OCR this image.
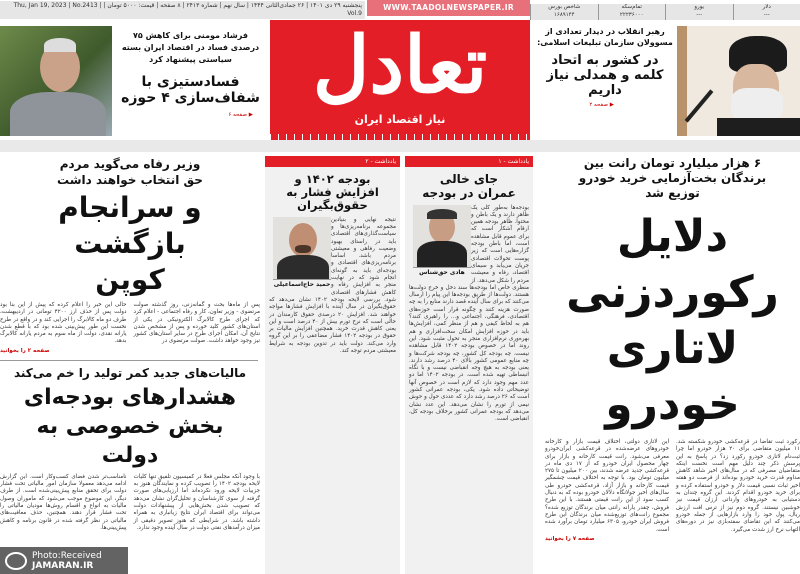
پنجشنبه ۲۹ دی ۱۴۰۱ | ۲۶ جمادی‌الثانی ۱۴۴۴ | سال نهم | شماره ۲۴۱۳ | ۸ صفحه | قیمت: ۵۰۰۰ تومان | Thu, Jan 19, 2023 | No.2413 | Vol.9
WWW.TAADOLNEWSPAPER.IR	دلار
---
یورو
---
تمام‌سکه
۲۲۲۳۶۰۰۰
شاخص بورس
۱۶۸۹۱۴۴
تعادل
نیاز اقتصاد ایران
فرشاد مومنی برای کاهش ۷۵ درصدی فساد در اقتصاد ایران بسته سیاستی پیشنهاد کرد
فسادستیزی با شفاف‌سازی ۴ حوزه
▶ صفحه ۶
رهبر انقلاب در دیدار تعدادی از مسوولان سازمان تبلیغات اسلامی:
در کشور به اتحاد کلمه و همدلی نیاز داریم
▶ صفحه ۲
۶ هزار میلیارد تومان رانت بین برندگان بخت‌آزمایی خرید خودرو توزیع شد
دلایل رکوردزنی لاتاری خودرو
رکورد ثبت تقاضا در قرعه‌کشی خودرو شکسته شد. ۱۱ میلیون متقاضی برای ۲۰ هزار خودرو اما چرا ثبت‌نام لاتاری خودرو رکورد زد؟ در پاسخ به این پرسش ذکر چند دلیل مهم است نخست اینکه متقاضیان مصرفی که در سال‌های اخیر شاهد کاهش مداوم قدرت خرید خودرو بوده‌اند از فرصت دو هفته اخیر ثبات نسبی قیمت دلار و خودرو استفاده کرده و برای خرید خودرو اقدام کردند. این گروه چندان به دستیابی به خودروهای وارداتی ارزان قیمت نیز خوشبین نیستند. گروه دوم نیز از ترس افت ارزش ریال، پول خود را وارد بازارهایی از جمله خودرو می‌کنند که این تقاضای سفته‌بازی نیز در دوره‌های التهاب نرخ ارز شدت می‌گیرد.
این لاتاری دولتی، اختلاف قیمت بازار و کارخانه خودروهای عرضه‌شده در قرعه‌کشی ایران‌خودرو معرفی می‌شود. رانت قیمت کارخانه و بازار برای چهار محصول ایران خودرو که از ۱۷ دی ماه در قرعه‌کشی جدید عرضه شدند، بین ۲۰۰ میلیون تا ۲۷۵ میلیون تومان بود. با توجه به اختلاف قیمت چشمگیر قیمت کارخانه و بازار آزاد، قرعه‌کشی خودرو طی سال‌های اخیر جولانگاه دلالان خودرو بوده که به دنبال کسب سود از این رانت قیمتی هستند. با این طرح فروش، چقدر یارانه رانتی میان برندگان توزیع شده؟ مجموع رانت‌های توزیع‌شده میان برندگان این طرح فروش ایران خودرو، ۶۳۰۵ میلیارد تومان برآورد شده است.
صفحه ۷ را بخوانید
یادداشت - ۱
جای خالی عمران در بودجه
هادی حق‌شناس
بودجه‌ها به‌طور کلی یک ظاهر دارند و یک باطن و محتوا. ظاهر بودجه همین ارقام آشکار است که برای عموم قابل مشاهده است، اما باطن بودجه گزاره‌هایی است که زیر پوست تحولات اقتصادی جریان می‌یابد و سیمای اقتصاد، رفاه و معیشت مردم را شکل می‌دهد. از منظری خاص اما بودجه‌ها سند دخل و خرج دولت‌ها هستند. دولت‌ها از طریق بودجه‌ها این پیام را ارسال می‌کنند که برای سال آینده قصد دارند منابع را به چه صورت هزینه کنند و چگونه قرار است حوزه‌های اقتصادی، فرهنگی، اجتماعی و... را راهبری کنند؟ هم به لحاظ کیفی و هم از منظر کمی، افزایش‌ها باید در حوزه افزایش امکان سخت‌افزاری و هم بهره‌وری نرم‌افزاری منجر به تحول مثبت شود. این روند اما در خصوص بودجه ۱۴۰۲ قابل مشاهده نیست. چه بودجه کل کشور، چه بودجه شرکت‌ها و چه منابع عمومی کشور بالای ۴۰ درصد رشد دارند. یعنی بودجه به هیچ وجه انقباضی نیست و با نگاه انبساطی تهیه شده است. در بودجه ۱۴۰۲ اما دو عدد مهم وجود دارد که لازم است در خصوص آنها توضیحاتی داده شود. یکی، بودجه عمرانی کشور است که ۲۶ درصد رشد دارد که عددی حول و حوش نیمی از تورم را نشان می‌دهد. این عدد نشان می‌دهد که بودجه عمرانی کشور برخلاف بودجه کل، انقباضی است.
یادداشت - ۲
بودجه ۱۴۰۲ و افزایش فشار به حقوق‌بگیران
حمید حاج‌اسماعیلی
نتیجه نهایی و بنیادین مجموعه برنامه‌ریزی‌ها و سیاست‌گذاری‌های اقتصادی باید در راستای بهبود وضعیت رفاهی و معیشتی مردم باشد. اساسا برنامه‌ریزی‌های اقتصادی و بودجه‌ای باید به گونه‌ای انجام شود که در نهایت منجر به افزایش رفاه و کاهش فشارهای اقتصادی شود. بررسی لایحه بودجه ۱۴۰۲ نشان می‌دهد که حقوق‌بگیران در سال آینده با افزایش فشارها مواجه خواهند شد. افزایش ۲۰ درصدی حقوق کارمندان در حالی است که نرخ تورم بیش از ۴۰ درصد است و این یعنی کاهش قدرت خرید. همچنین افزایش مالیات بر حقوق در بودجه ۱۴۰۲ فشار مضاعفی را بر این گروه وارد می‌کند. دولت باید در تدوین بودجه به شرایط معیشتی مردم توجه کند.
وزیر رفاه می‌گوید مردم حق انتخاب خواهند داشت
و سرانجام بازگشت کوپن
پس از ماه‌ها بحث و گمانه‌زنی، روز گذشته صولت مرتضوی - وزیر تعاون، کار و رفاه اجتماعی - اعلام کرد که اجرای طرح کالابرگ الکترونیکی در یکی از استان‌های کشور کلید خورده و پس از مشخص شدن نتایج آن، امکان اجرای طرح در سایر استان‌های کشور نیز وجود خواهد داشت. صولت مرتضوی در
حالی این خبر را اعلام کرده که پیش از این بنا بود دولت پس از حذف ارز ۴۲۰۰ تومانی در اردیبهشت، طرف دو ماه کالابرگ را اجرایی کند و در واقع در طرح نخست این طور پیش‌بینی شده بود که با قطع شدن یارانه نقدی، دولت از ماه سوم به مردم یارانه کالابرگ بدهد.
صفحه ۲ را بخوانید
مالیات‌های جدید کمر تولید را خم می‌کند
هشدارهای بودجه‌ای بخش خصوصی به دولت
با وجود آنکه مجلس فعلا در کمیسیون تلفیق تنها کلیات لایحه بودجه ۱۴۰۲ را تصویب کرده و نمایندگان هنوز به جزییات لایحه ورود نکرده‌اند اما ارزیابی‌های صورت گرفته از سوی کارشناسان و تحلیل‌گران نشان می‌دهد که تصویب شدن بخش‌هایی از پیشنهادات دولت می‌تواند برای اقتصاد ایران نتایج زیانباری به همراه داشته باشد. در شرایطی که هنوز تصویر دقیقی از میزان درآمدهای نفتی دولت در سال آینده وجود ندارد.
نامناسب‌تر شدن فضای کسب‌وکار است. این گزارش ادامه می‌دهد معمولا سازمان امور مالیاتی تحت فشار دولت برای تحقق منابع پیش‌بینی‌شده است. از طرف دیگر، این موضوع موجب می‌شود که ماموران وصول مالیات به انواع و اقسام روش‌ها مودیان مالیاتی را تحت فشار قرار دهند. همچنین، حذف معافیت‌های مالیاتی در نظر گرفته شده در قانون برنامه و کاهش پیش‌بینی‌ها.
Photo:Received
JAMARAN.IR
